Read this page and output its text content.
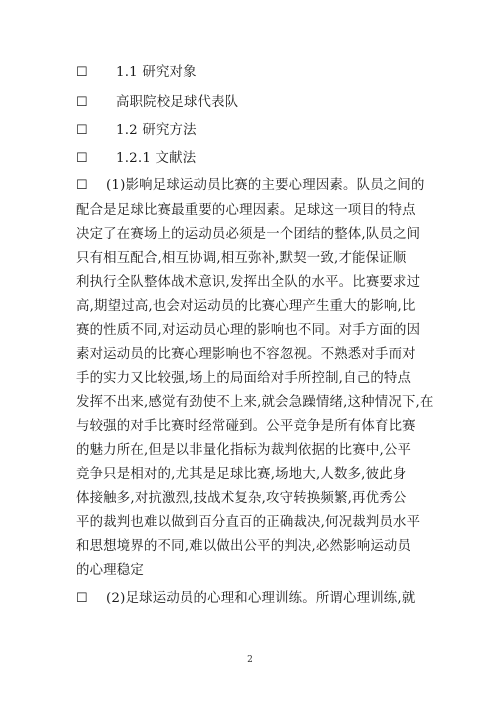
☐ 1.1 研究对象
☐ 高职院校足球代表队
☐ 1.2 研究方法
☐ 1.2.1 文献法
☐ (1)影响足球运动员比赛的主要心理因素。队员之间的
配合是足球比赛最重要的心理因素。足球这一项目的特点
决定了在赛场上的运动员必须是一个团结的整体,队员之间
只有相互配合,相互协调,相互弥补,默契一致,才能保证顺
利执行全队整体战术意识,发挥出全队的水平。比赛要求过
高,期望过高,也会对运动员的比赛心理产生重大的影响,比
赛的性质不同,对运动员心理的影响也不同。对手方面的因
素对运动员的比赛心理影响也不容忽视。不熟悉对手而对
手的实力又比较强,场上的局面给对手所控制,自己的特点
发挥不出来,感觉有劲使不上来,就会急躁情绪,这种情况下,在
与较强的对手比赛时经常碰到。公平竞争是所有体育比赛
的魅力所在,但是以非量化指标为裁判依据的比赛中,公平
竞争只是相对的,尤其是足球比赛,场地大,人数多,彼此身
体接触多,对抗激烈,技战术复杂,攻守转换频繁,再优秀公
平的裁判也难以做到百分直百的正确裁决,何况裁判员水平
和思想境界的不同,难以做出公平的判决,必然影响运动员
的心理稳定
☐ (2)足球运动员的心理和心理训练。所谓心理训练,就
2
